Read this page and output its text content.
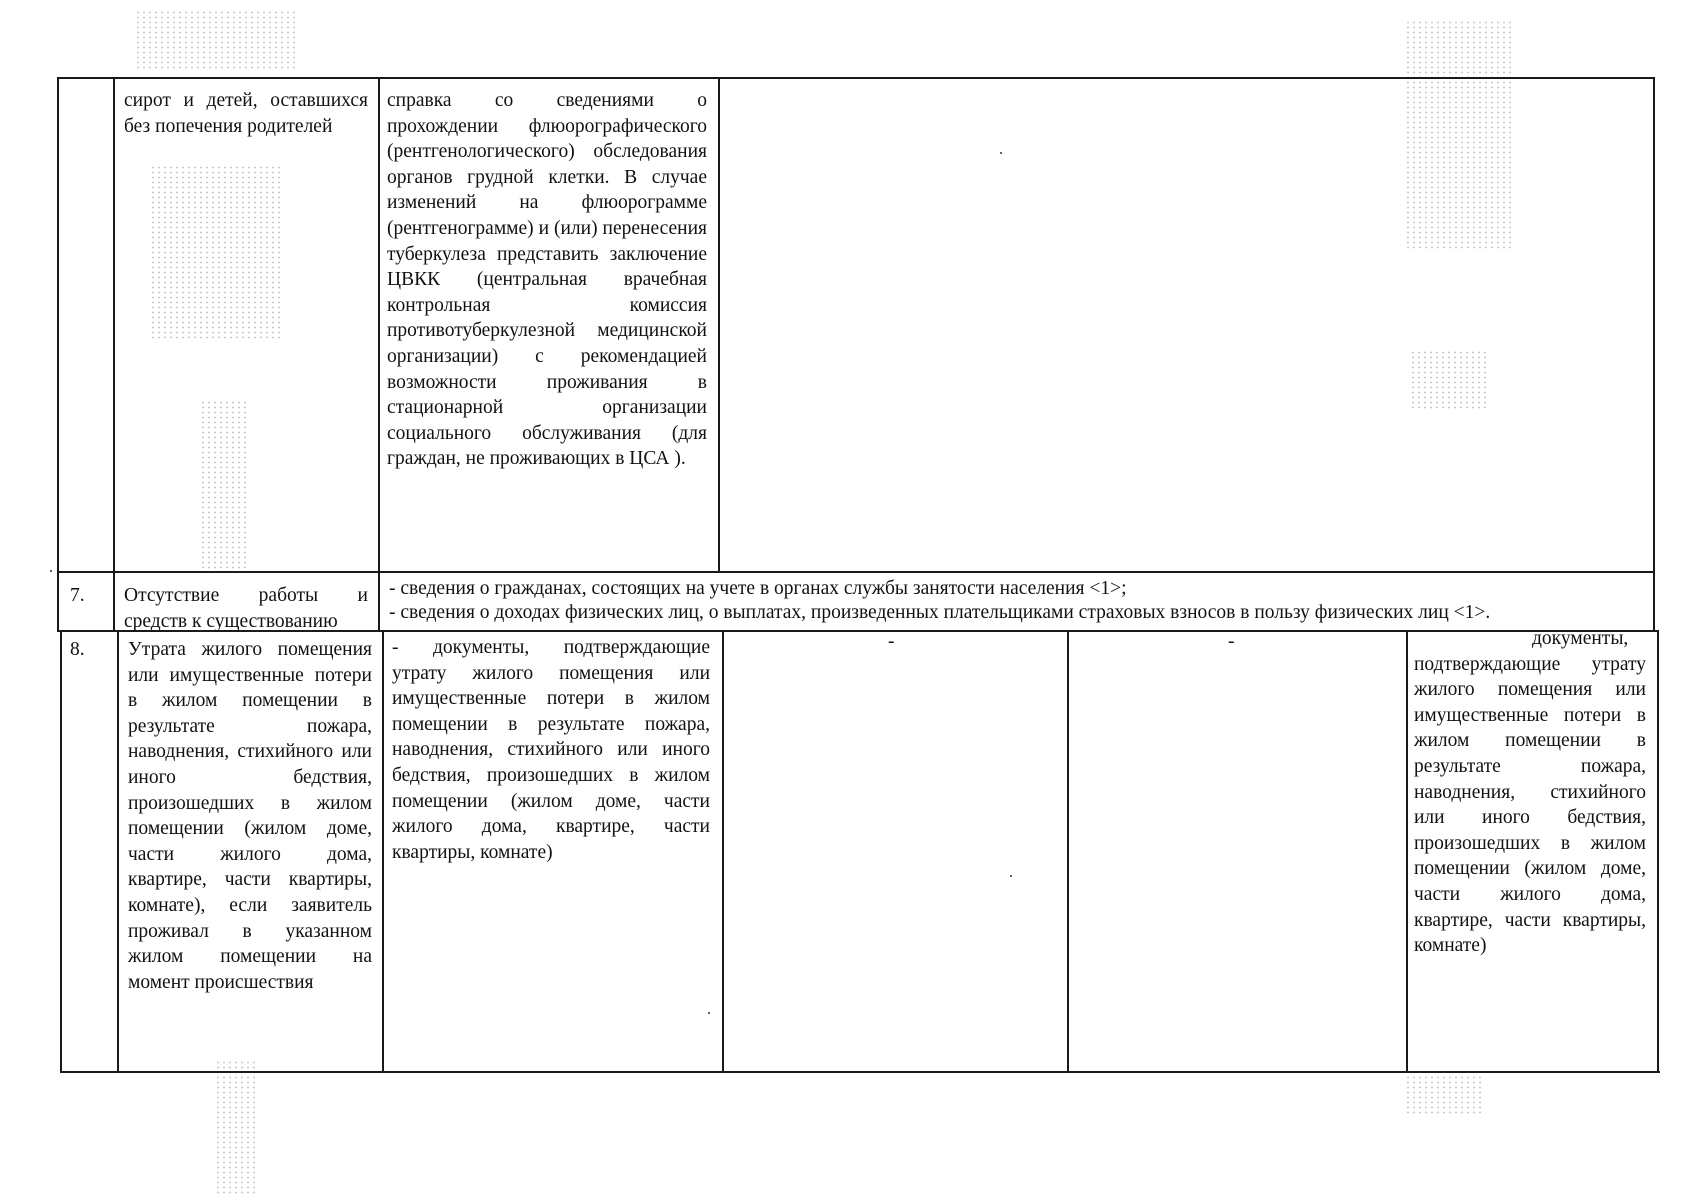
сирот и детей, оставшихся без попечения родителей

справка со сведениями о прохождении флюорографического (рентгенологического) обследования органов грудной клетки. В случае изменений на флюорограмме (рентгенограмме) и (или) перенесения туберкулеза представить заключение ЦВКК (центральная врачебная контрольная комиссия противотуберкулезной медицинской организации) с рекомендацией возможности проживания в стационарной организации социального обслуживания (для граждан, не проживающих в ЦСА ).

7. Отсутствие работы и
средств к существованию
- сведения о гражданах, состоящих на учете в органах службы занятости населения <1>;
- сведения о доходах физических лиц, о выплатах, произведенных плательщиками страховых взносов в пользу физических лиц <1>.
8. Утрата жилого помещения или имущественные потери в жилом помещении в результате пожара, наводнения, стихийного или иного бедствия, произошедших в жилом помещении (жилом доме, части жилого дома, квартире, части квартиры, комнате), если заявитель проживал в указанном жилом помещении на момент происшествия

- документы, подтверждающие утрату жилого помещения или имущественные потери в жилом помещении в результате пожара, наводнения, стихийного или иного бедствия, произошедших в жилом помещении (жилом доме, части жилого дома, квартире, части квартиры, комнате)

-	-	документы, подтверждающие утрату жилого помещения или имущественные потери в жилом помещении в результате пожара, наводнения, стихийного или иного бедствия, произошедших в жилом помещении (жилом доме, части жилого дома, квартире, части квартиры, комнате)
